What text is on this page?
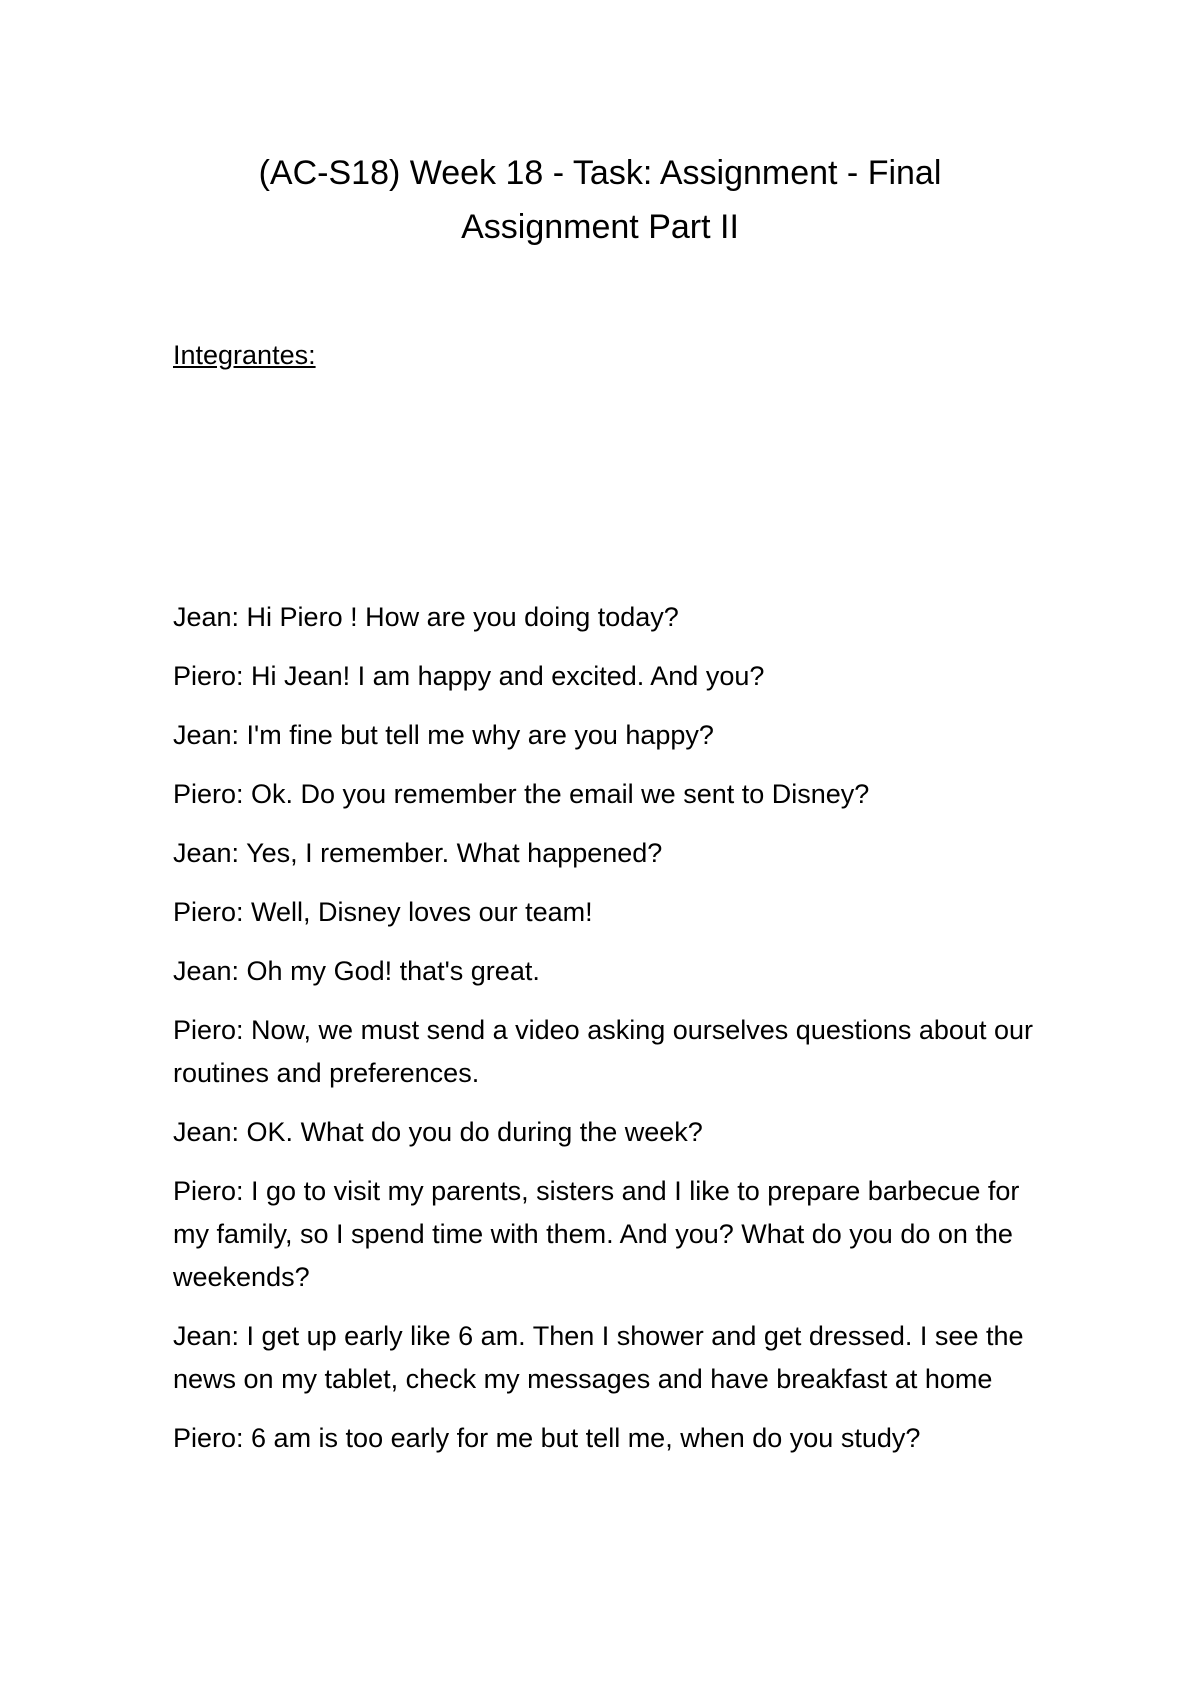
(AC-S18) Week 18 - Task: Assignment - Final
Assignment Part II

Integrantes:

Jean: Hi Piero ! How are you doing today?
Piero: Hi Jean! I am happy and excited. And you?
Jean: I'm fine but tell me why are you happy?
Piero: Ok. Do you remember the email we sent to Disney?
Jean: Yes, I remember. What happened?
Piero: Well, Disney loves our team!
Jean: Oh my God! that's great.
Piero: Now, we must send a video asking ourselves questions about our routines and preferences.
Jean: OK. What do you do during the week?
Piero: I go to visit my parents, sisters and I like to prepare barbecue for my family, so I spend time with them. And you? What do you do on the weekends?
Jean: I get up early like 6 am. Then I shower and get dressed. I see the news on my tablet, check my messages and have breakfast at home
Piero: 6 am is too early for me but tell me, when do you study?
